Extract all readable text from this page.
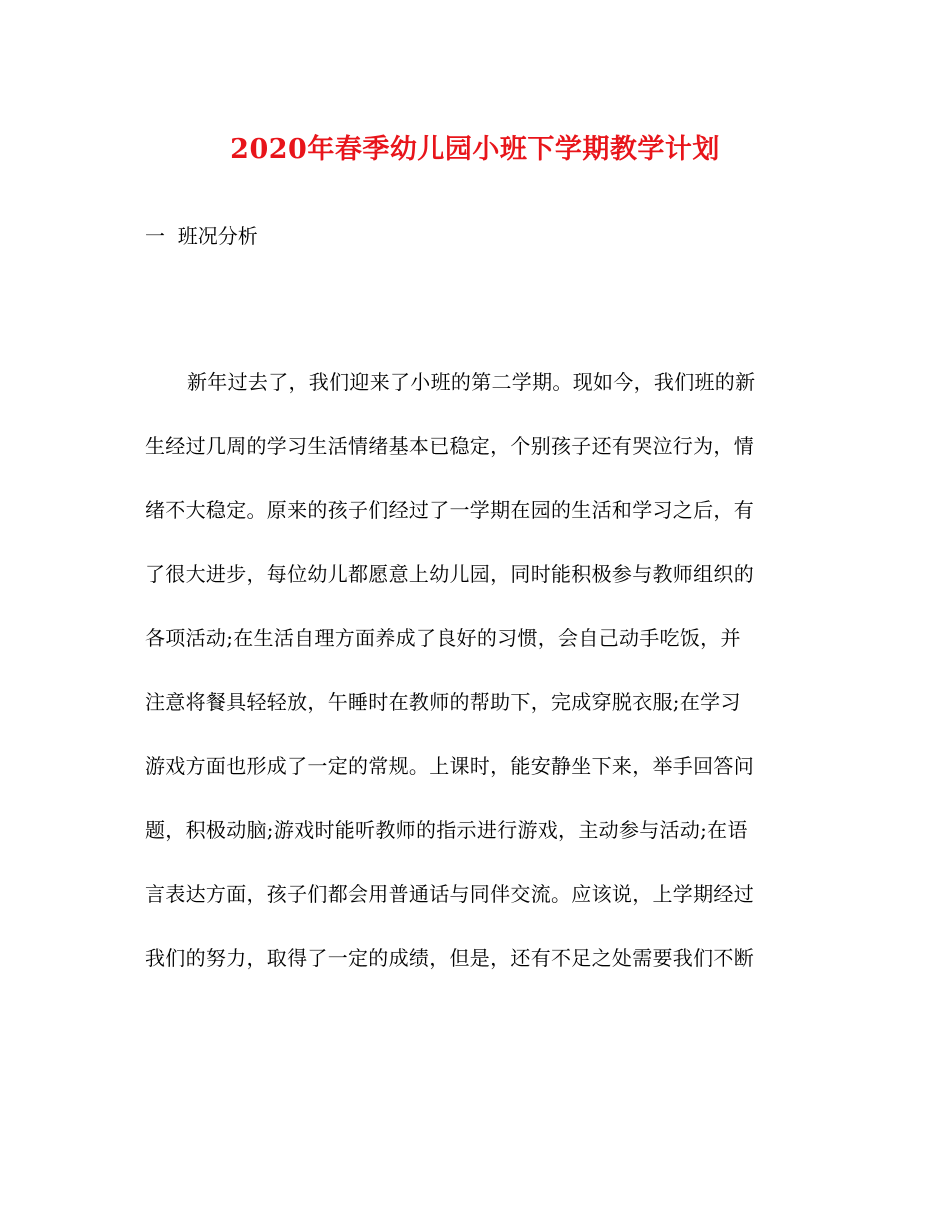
2020年春季幼儿园小班下学期教学计划
一  班况分析
新年过去了，我们迎来了小班的第二学期。现如今，我们班的新
生经过几周的学习生活情绪基本已稳定，个别孩子还有哭泣行为，情
绪不大稳定。原来的孩子们经过了一学期在园的生活和学习之后，有
了很大进步，每位幼儿都愿意上幼儿园，同时能积极参与教师组织的
各项活动;在生活自理方面养成了良好的习惯，会自己动手吃饭，并
注意将餐具轻轻放，午睡时在教师的帮助下，完成穿脱衣服;在学习
游戏方面也形成了一定的常规。上课时，能安静坐下来，举手回答问
题，积极动脑;游戏时能听教师的指示进行游戏，主动参与活动;在语
言表达方面，孩子们都会用普通话与同伴交流。应该说，上学期经过
我们的努力，取得了一定的成绩，但是，还有不足之处需要我们不断
